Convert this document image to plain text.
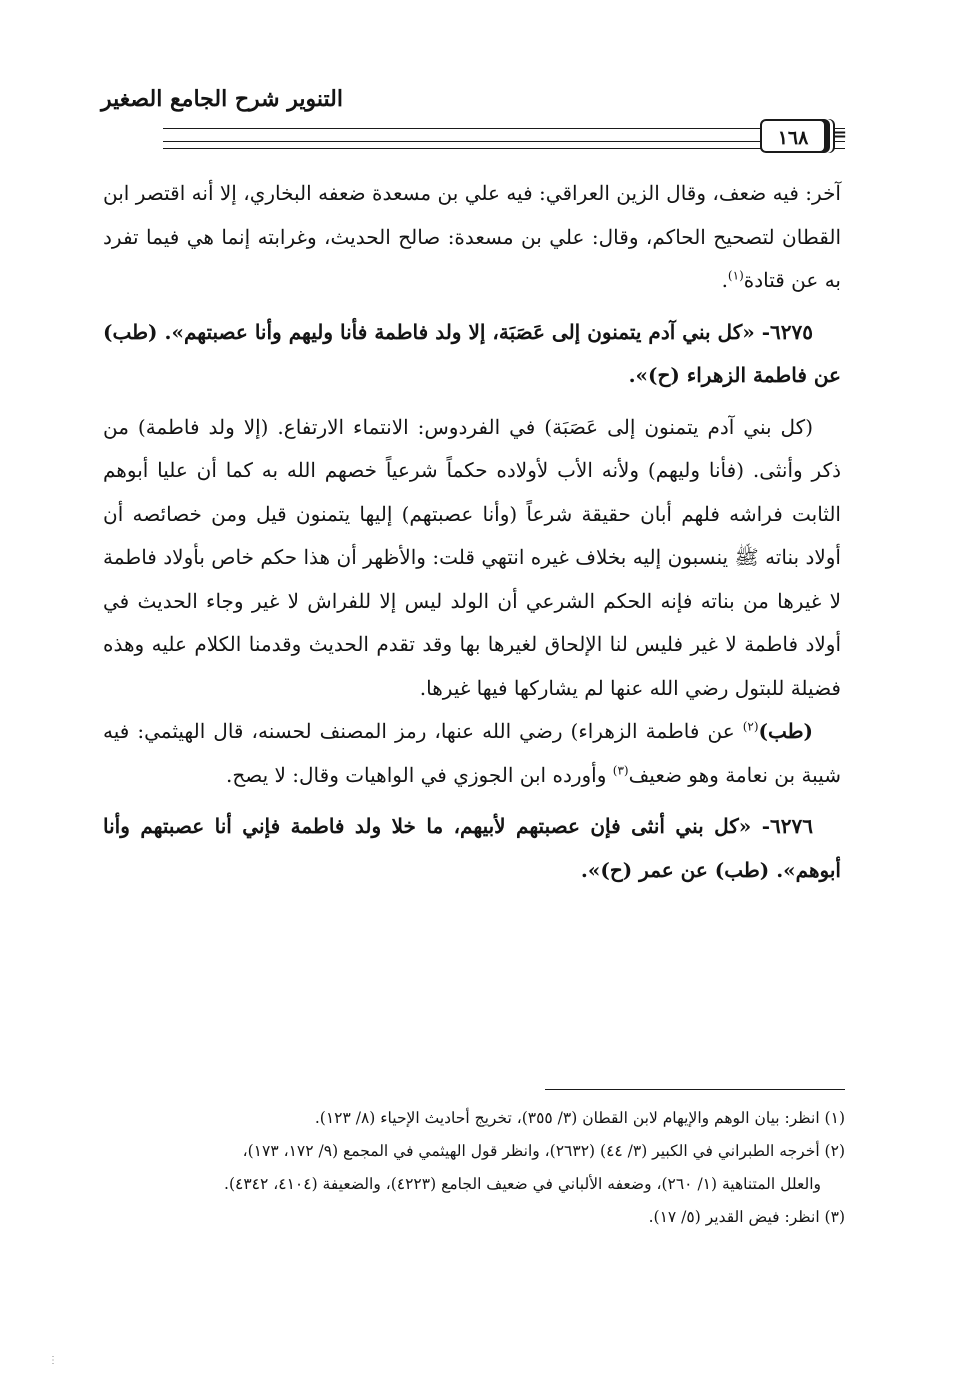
التنوير شرح الجامع الصغير
١٦٨	=

آخر: فيه ضعف، وقال الزين العراقي: فيه علي بن مسعدة ضعفه البخاري، إلا أنه اقتصر ابن القطان لتصحيح الحاكم، وقال: علي بن مسعدة: صالح الحديث، وغرابته إنما هي فيما تفرد به عن قتادة$^{(١)}$.

٦٢٧٥- «كل بني آدم يتمنون إلى عَصَبَة، إلا ولد فاطمة فأنا وليهم وأنا عصبتهم». (طب) عن فاطمة الزهراء (ح)».

(كل بني آدم يتمنون إلى عَصَبَة) في الفردوس: الانتماء الارتفاع. (إلا ولد فاطمة) من ذكر وأنثى. (فأنا وليهم) ولأنه الأب لأولاده حكماً شرعياً خصهم الله به كما أن عليا أبوهم الثابت فراشه فلهم أبان حقيقة شرعاً (وأنا عصبتهم) إليها يتمنون قيل ومن خصائصه أن أولاد بناته ﷺ ينسبون إليه بخلاف غيره انتهي قلت: والأظهر أن هذا حكم خاص بأولاد فاطمة لا غيرها من بناته فإنه الحكم الشرعي أن الولد ليس إلا للفراش لا غير وجاء الحديث في أولاد فاطمة لا غير فليس لنا الإلحاق لغيرها بها وقد تقدم الحديث وقدمنا الكلام عليه وهذه فضيلة للبتول رضي الله عنها لم يشاركها فيها غيرها.

(طب)$^{(٢)}$ عن فاطمة الزهراء) رضي الله عنها، رمز المصنف لحسنه، قال الهيثمي: فيه شيبة بن نعامة وهو ضعيف$^{(٣)}$ وأورده ابن الجوزي في الواهيات وقال: لا يصح.

٦٢٧٦- «كل بني أنثى فإن عصبتهم لأبيهم، ما خلا ولد فاطمة فإني أنا عصبتهم وأنا أبوهم». (طب) عن عمر (ح)».

(١) انظر: بيان الوهم والإيهام لابن القطان (٣/ ٣٥٥)، تخريج أحاديث الإحياء (٨/ ١٢٣).

(٢) أخرجه الطبراني في الكبير (٣/ ٤٤) (٢٦٣٢)، وانظر قول الهيثمي في المجمع (٩/ ١٧٢، ١٧٣)،

والعلل المتناهية (١/ ٢٦٠)، وضعفه الألباني في ضعيف الجامع (٤٢٢٣)، والضعيفة (٤١٠٤، ٤٣٤٢).

(٣) انظر: فيض القدير (٥/ ١٧).

⋮
